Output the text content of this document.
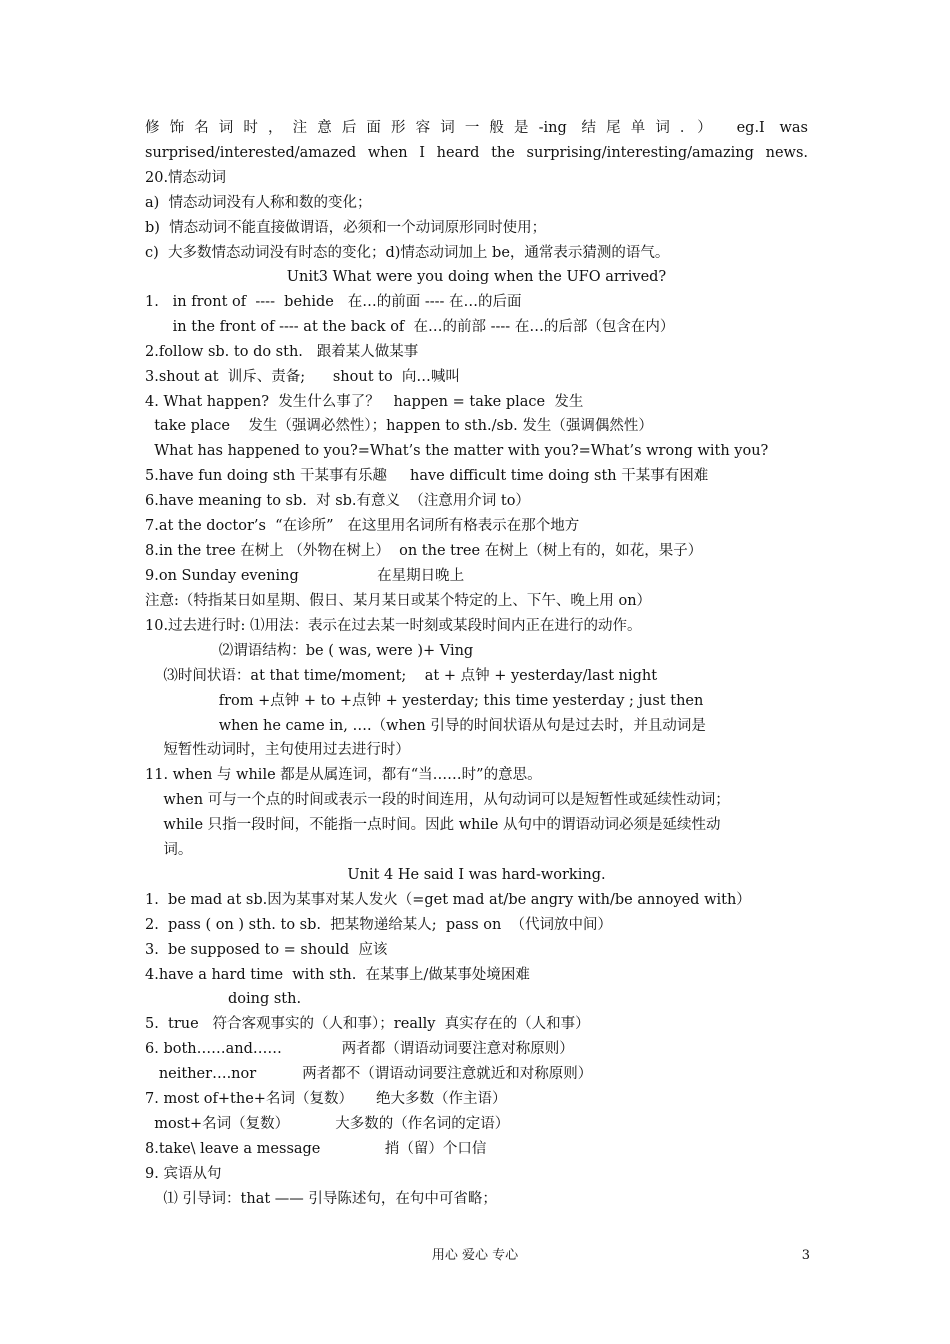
修饰名词时，注意后面形容词一般是-ing 结尾单词．） eg.I was
surprised/interested/amazed when I heard the surprising/interesting/amazing news.
20.情态动词
a)  情态动词没有人称和数的变化；
b)  情态动词不能直接做谓语，必须和一个动词原形同时使用；
c)  大多数情态动词没有时态的变化；d)情态动词加上 be，通常表示猜测的语气。
Unit3 What were you doing when the UFO arrived?
1.   in front of  ----  behide   在…的前面 ---- 在…的后面
in the front of ---- at the back of  在…的前部 ---- 在…的后部（包含在内）
2.follow sb. to do sth.   跟着某人做某事
3.shout at  训斥、责备;      shout to  向…喊叫
4. What happen?  发生什么事了？   happen = take place  发生
take place    发生（强调必然性）；happen to sth./sb. 发生（强调偶然性）
What has happened to you?=What’s the matter with you?=What’s wrong with you?
5.have fun doing sth 干某事有乐趣     have difficult time doing sth 干某事有困难
6.have meaning to sb.  对 sb.有意义  （注意用介词 to）
7.at the doctor’s  “在诊所”   在这里用名词所有格表示在那个地方
8.in the tree 在树上 （外物在树上）  on the tree 在树上（树上有的，如花，果子）
9.on Sunday evening                 在星期日晚上
注意:（特指某日如星期、假日、某月某日或某个特定的上、下午、晚上用 on）
10.过去进行时: ⑴用法：表示在过去某一时刻或某段时间内正在进行的动作。
⑵谓语结构：be ( was, were )+ Ving
⑶时间状语：at that time/moment;    at + 点钟 + yesterday/last night
from +点钟 + to +点钟 + yesterday; this time yesterday ; just then
when he came in, ….（when 引导的时间状语从句是过去时，并且动词是
短暂性动词时，主句使用过去进行时）
11. when 与 while 都是从属连词，都有“当……时”的意思。
when 可与一个点的时间或表示一段的时间连用，从句动词可以是短暂性或延续性动词；
while 只指一段时间，不能指一点时间。因此 while 从句中的谓语动词必须是延续性动
词。
Unit 4 He said I was hard-working.
1.  be mad at sb.因为某事对某人发火（=get mad at/be angry with/be annoyed with）
2.  pass ( on ) sth. to sb.  把某物递给某人;  pass on  （代词放中间）
3.  be supposed to = should  应该
4.have a hard time  with sth.  在某事上/做某事处境困难
doing sth.
5.  true   符合客观事实的（人和事）；really  真实存在的（人和事）
6. both……and……             两者都（谓语动词要注意对称原则）
neither….nor          两者都不（谓语动词要注意就近和对称原则）
7. most of+the+名词（复数）     绝大多数（作主语）
most+名词（复数）          大多数的（作名词的定语）
8.take\ leave a message              捎（留）个口信
9. 宾语从句
⑴ 引导词：that —— 引导陈述句，在句中可省略；
用心 爱心 专心	3
